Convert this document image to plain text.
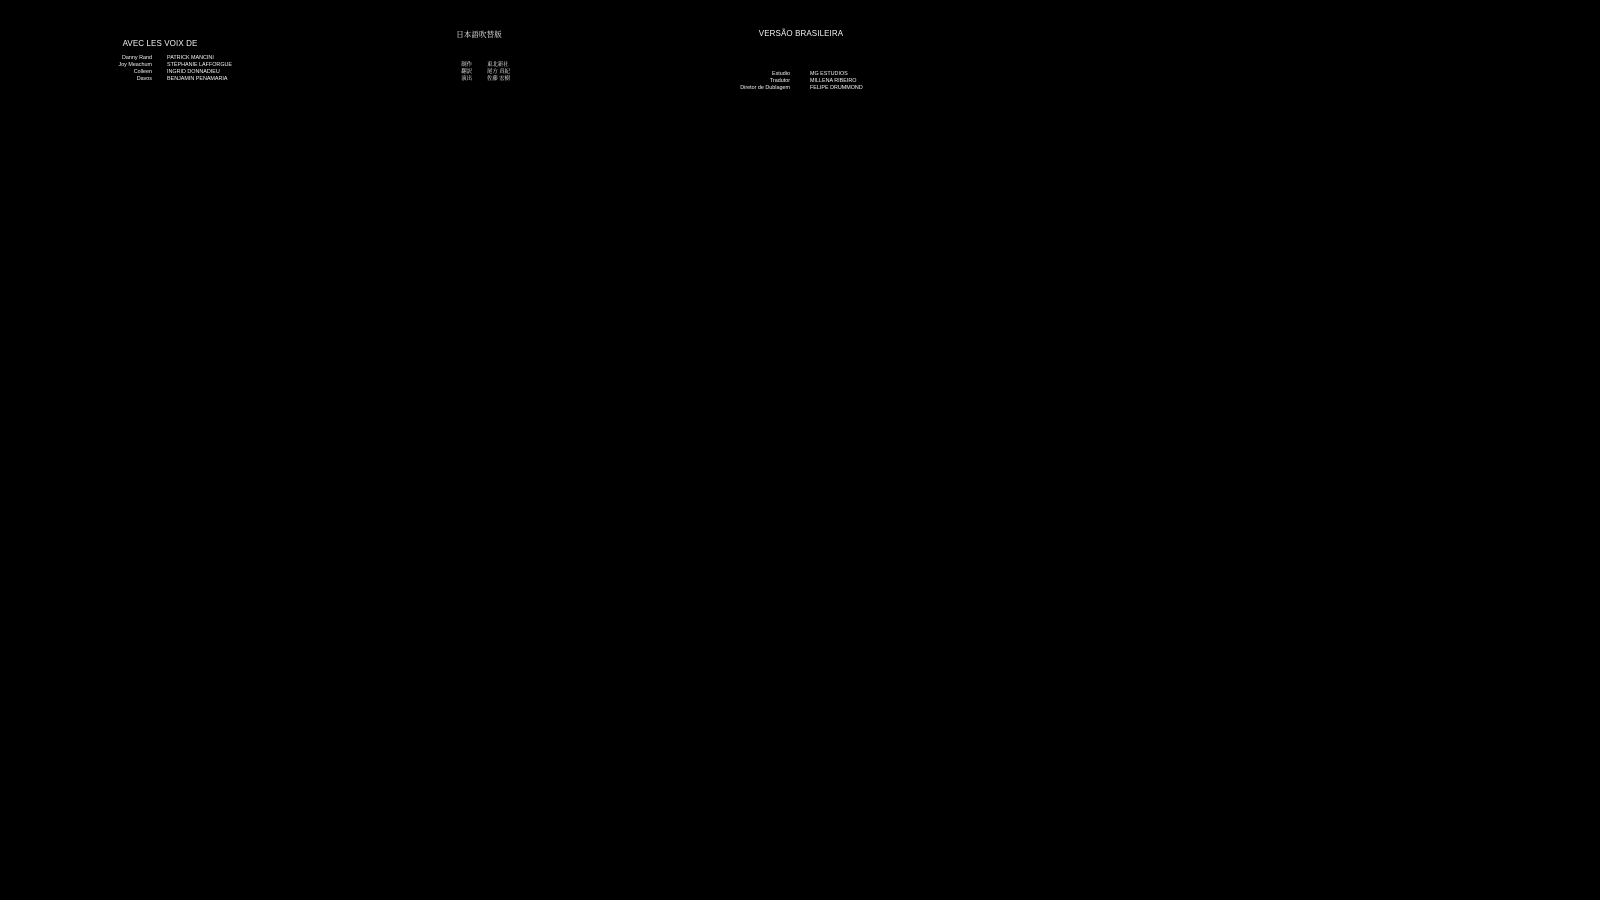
AVEC LES VOIX DE
Danny Rand	PATRICK MANCINI
Joy Meachum	STÉPHANIE LAFFORGUE
Colleen	INGRID DONNADIEU
Davos	BENJAMIN PENAMARIA
日本語吹替版
制作	東北新社
翻訳	尾方 真紀
演出	佐藤 宏樹
VERSÃO BRASILEIRA
Estudio	MG ESTUDIOS
Tradutor	MILLENA RIBEIRO
Diretor de Dublagem	FELIPE DRUMMOND
